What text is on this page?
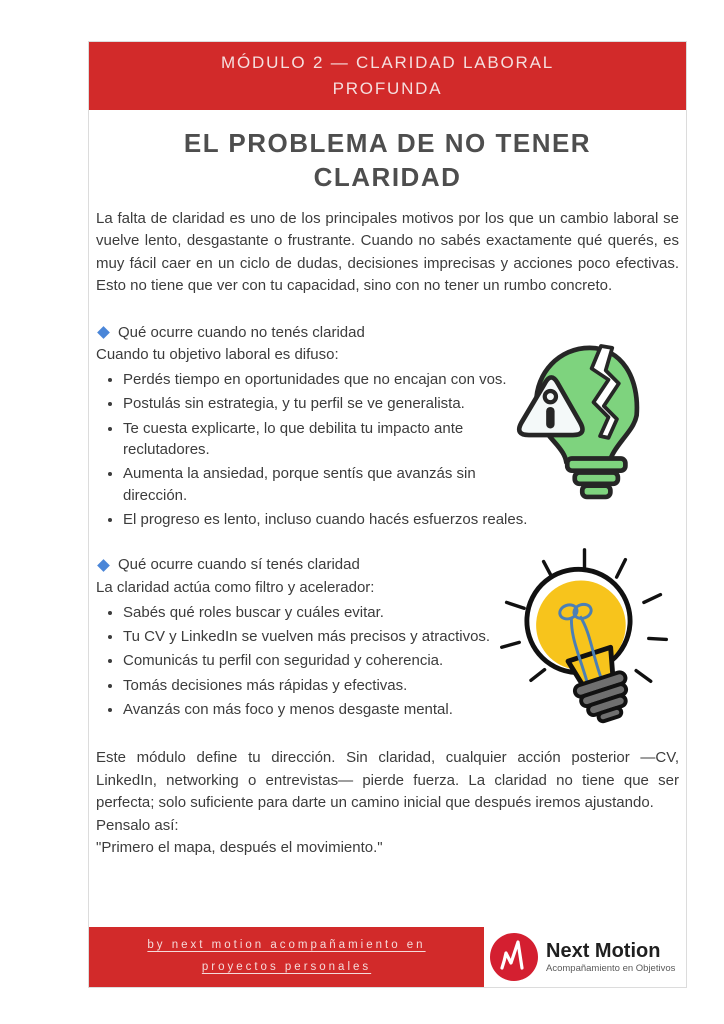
MÓDULO 2 — CLARIDAD LABORAL
PROFUNDA
EL PROBLEMA DE NO TENER
CLARIDAD

La falta de claridad es uno de los principales motivos por los que un cambio laboral se vuelve lento, desgastante o frustrante. Cuando no sabés exactamente qué querés, es muy fácil caer en un ciclo de dudas, decisiones imprecisas y acciones poco efectivas. Esto no tiene que ver con tu capacidad, sino con no tener un rumbo concreto.

Qué ocurre cuando no tenés claridad
Cuando tu objetivo laboral es difuso:
• Perdés tiempo en oportunidades que no encajan con vos.
• Postulás sin estrategia, y tu perfil se ve generalista.
• Te cuesta explicarte, lo que debilita tu impacto ante reclutadores.
• Aumenta la ansiedad, porque sentís que avanzás sin dirección.
• El progreso es lento, incluso cuando hacés esfuerzos reales.
Qué ocurre cuando sí tenés claridad
La claridad actúa como filtro y acelerador:
• Sabés qué roles buscar y cuáles evitar.
• Tu CV y LinkedIn se vuelven más precisos y atractivos.
• Comunicás tu perfil con seguridad y coherencia.
• Tomás decisiones más rápidas y efectivas.
• Avanzás con más foco y menos desgaste mental.

Este módulo define tu dirección. Sin claridad, cualquier acción posterior —CV, LinkedIn, networking o entrevistas— pierde fuerza. La claridad no tiene que ser perfecta; solo suficiente para darte un camino inicial que después iremos ajustando.

Pensalo así:

"Primero el mapa, después el movimiento."

by next motion acompañamiento en
proyectos personales
Next Motion
Acompañamiento en Objetivos
